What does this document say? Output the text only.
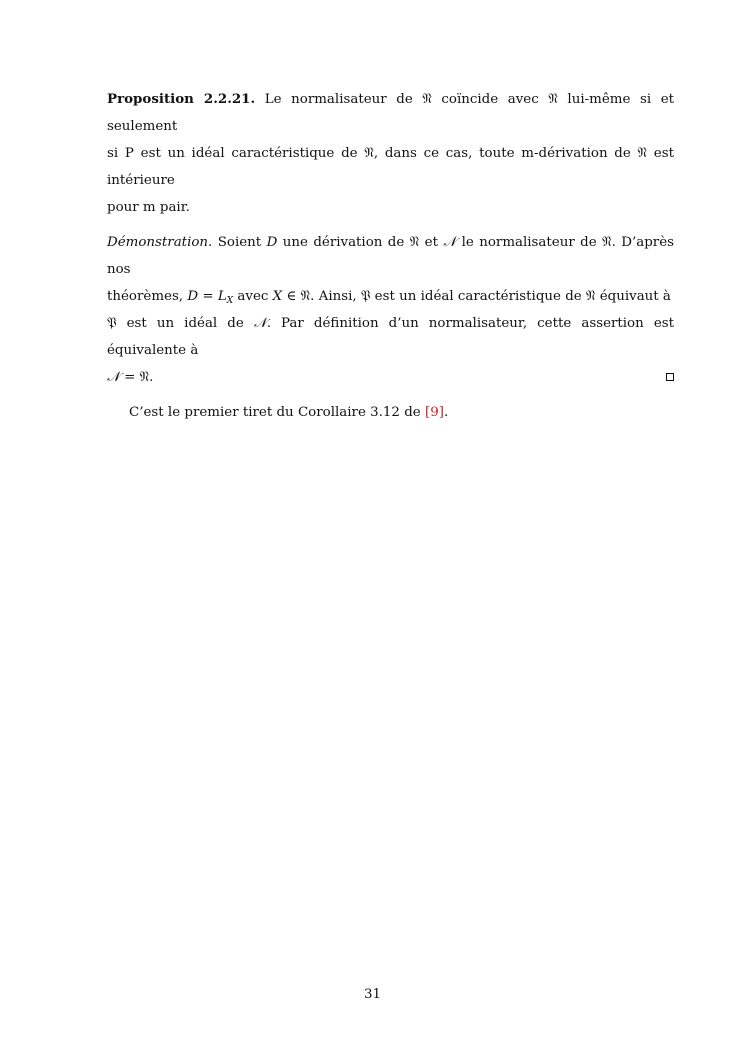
Proposition 2.2.21. Le normalisateur de 𝔑 coïncide avec 𝔑 lui-même si et seulement
si P est un idéal caractéristique de 𝔑, dans ce cas, toute m-dérivation de 𝔑 est intérieure
pour m pair.
Démonstration. Soient D une dérivation de 𝔑 et 𝒩 le normalisateur de 𝔑. D’après nos
théorèmes, $D = L_X$ avec X ∈ 𝔑. Ainsi, 𝔓 est un idéal caractéristique de 𝔑 équivaut à
𝔓 est un idéal de 𝒩. Par définition d’un normalisateur, cette assertion est équivalente à
𝒩 = 𝔑.
C’est le premier tiret du Corollaire 3.12 de [9].
31
